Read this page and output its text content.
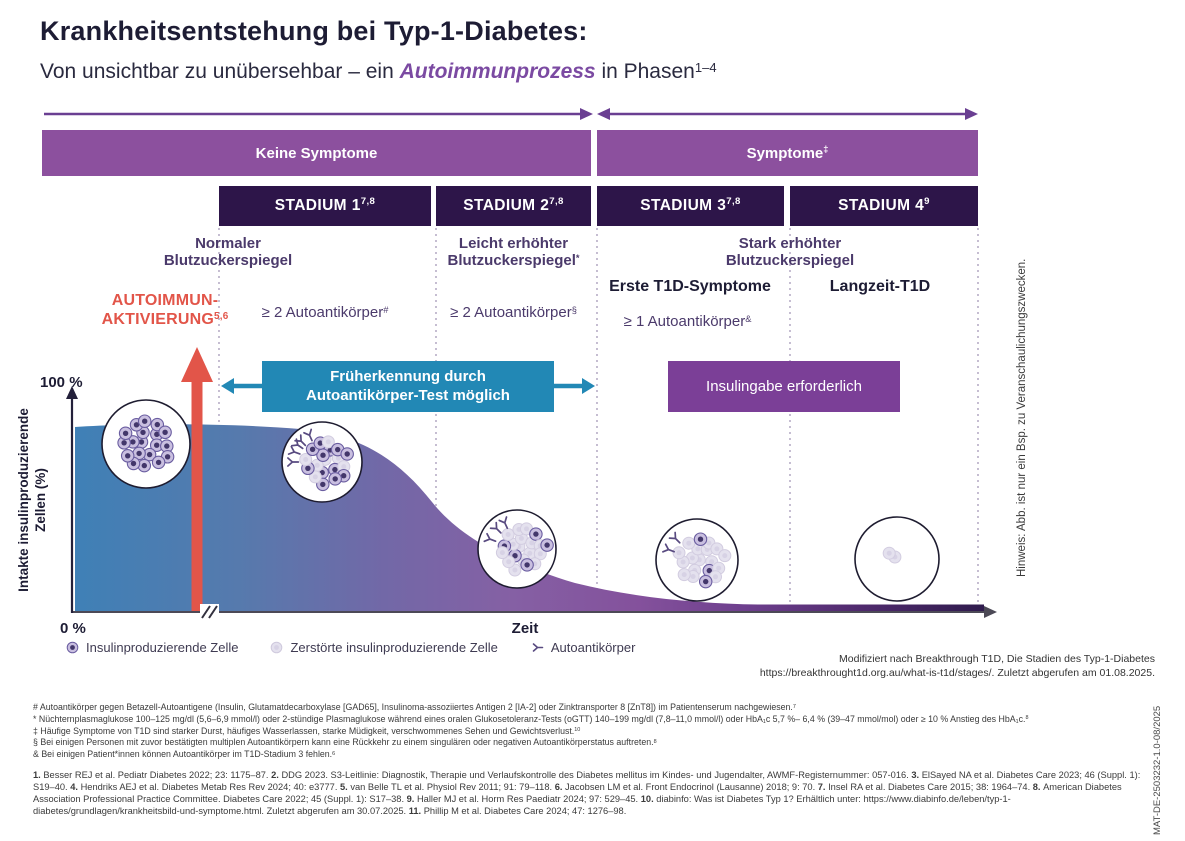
Krankheitsentstehung bei Typ-1-Diabetes:
Von unsichtbar zu unübersehbar – ein Autoimmunprozess in Phasen$^{1-4}$
Keine Symptome	Symptome‡
STADIUM 1$^{7,8}$	STADIUM 2$^{7,8}$	STADIUM 3$^{7,8}$	STADIUM $4^9$
Normaler
Blutzuckerspiegel
Leicht erhöhter
Blutzuckerspiegel*
Stark erhöhter
Blutzuckerspiegel
AUTOIMMUN-
AKTIVIERUNG$^{5,6}$	≥ 2 Autoantikörper#	≥ 2 Autoantikörper§
≥ 1 Autoantikörper&
Erste T1D-Symptome	Langzeit-T1D
Früherkennung durch
Autoantikörper-Test möglich	Insulingabe erforderlich
100 %
0 %	Zeit
Intakte insulinproduzierende Zellen (%)
Insulinproduzierende Zelle	Zerstörte insulinproduzierende Zelle	Autoantikörper
Modifiziert nach Breakthrough T1D, Die Stadien des Typ-1-Diabetes
https://breakthrought1d.org.au/what-is-t1d/stages/. Zuletzt abgerufen am 01.08.2025.
Hinweis: Abb. ist nur ein Bsp. zu Veranschaulichungszwecken.
MAT-DE-2503232-1.0-08/2025
# Autoantikörper gegen Betazell-Autoantigene (Insulin, Glutamatdecarboxylase [GAD65], Insulinoma-assoziiertes Antigen 2 [IA-2] oder Zinktransporter 8 [ZnT8]) im Patientenserum nachgewiesen.$^7$
* Nüchternplasmaglukose 100–125 mg/dl (5,6–6,9 mmol/l) oder 2-stündige Plasmaglukose während eines oralen Glukosetoleranz-Tests (oGTT) 140–199 mg/dl (7,8–11,0 mmol/l) oder HbA₁c 5,7 %– 6,4 % (39–47 mmol/mol) oder ≥ 10 % Anstieg des HbA₁c.$^8$
‡ Häufige Symptome von T1D sind starker Durst, häufiges Wasserlassen, starke Müdigkeit, verschwommenes Sehen und Gewichtsverlust.$^{10}$
§ Bei einigen Personen mit zuvor bestätigten multiplen Autoantikörpern kann eine Rückkehr zu einem singulären oder negativen Autoantikörperstatus auftreten.$^8$
& Bei einigen Patient*innen können Autoantikörper im T1D-Stadium 3 fehlen.$^6$
1. Besser REJ et al. Pediatr Diabetes 2022; 23: 1175–87. 2. DDG 2023. S3-Leitlinie: Diagnostik, Therapie und Verlaufskontrolle des Diabetes mellitus im Kindes- und Jugendalter, AWMF-Registernummer: 057-016. 3. ElSayed NA et al. Diabetes Care 2023; 46 (Suppl. 1): S19–40. 4. Hendriks AEJ et al. Diabetes Metab Res Rev 2024; 40: e3777. 5. van Belle TL et al. Physiol Rev 2011; 91: 79–118. 6. Jacobsen LM et al. Front Endocrinol (Lausanne) 2018; 9: 70. 7. Insel RA et al. Diabetes Care 2015; 38: 1964–74. 8. American Diabetes Association Professional Practice Committee. Diabetes Care 2022; 45 (Suppl. 1): S17–38. 9. Haller MJ et al. Horm Res Paediatr 2024; 97: 529–45. 10. diabinfo: Was ist Diabetes Typ 1? Erhältlich unter: https://www.diabinfo.de/leben/typ-1-diabetes/grundlagen/krankheitsbild-und-symptome.html. Zuletzt abgerufen am 30.07.2025. 11. Phillip M et al. Diabetes Care 2024; 47: 1276–98.
